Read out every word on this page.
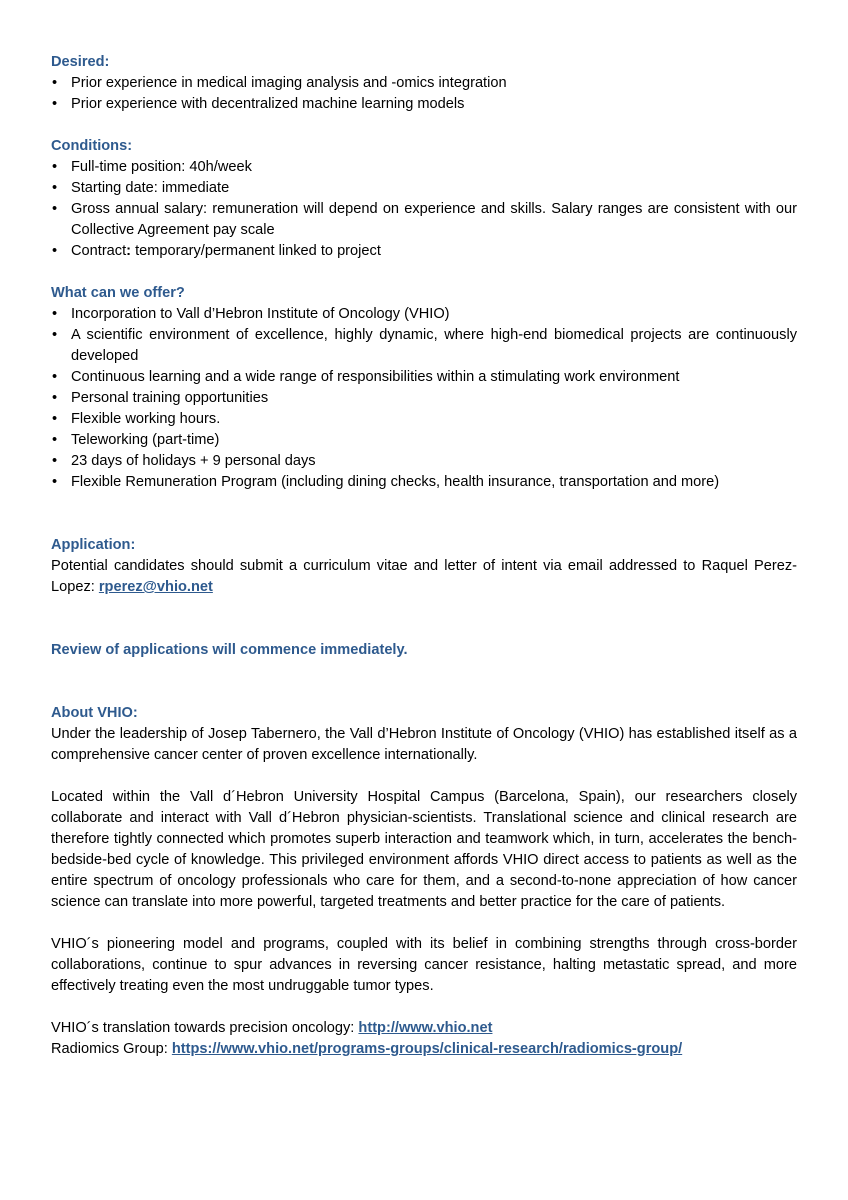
Desired:
• Prior experience in medical imaging analysis and -omics integration
• Prior experience with decentralized machine learning models
Conditions:
• Full-time position: 40h/week
• Starting date: immediate
• Gross annual salary: remuneration will depend on experience and skills. Salary ranges are consistent with our Collective Agreement pay scale
• Contract: temporary/permanent linked to project
What can we offer?
• Incorporation to Vall d’Hebron Institute of Oncology (VHIO)
• A scientific environment of excellence, highly dynamic, where high-end biomedical projects are continuously developed
• Continuous learning and a wide range of responsibilities within a stimulating work environment
• Personal training opportunities
• Flexible working hours.
• Teleworking (part-time)
• 23 days of holidays + 9 personal days
• Flexible Remuneration Program (including dining checks, health insurance, transportation and more)
Application:

Potential candidates should submit a curriculum vitae and letter of intent via email addressed to Raquel Perez-Lopez: rperez@vhio.net

Review of applications will commence immediately.
About VHIO:

Under the leadership of Josep Tabernero, the Vall d’Hebron Institute of Oncology (VHIO) has established itself as a comprehensive cancer center of proven excellence internationally.

Located within the Vall d´Hebron University Hospital Campus (Barcelona, Spain), our researchers closely collaborate and interact with Vall d´Hebron physician-scientists. Translational science and clinical research are therefore tightly connected which promotes superb interaction and teamwork which, in turn, accelerates the bench-bedside-bed cycle of knowledge. This privileged environment affords VHIO direct access to patients as well as the entire spectrum of oncology professionals who care for them, and a second-to-none appreciation of how cancer science can translate into more powerful, targeted treatments and better practice for the care of patients.

VHIO´s pioneering model and programs, coupled with its belief in combining strengths through cross-border collaborations, continue to spur advances in reversing cancer resistance, halting metastatic spread, and more effectively treating even the most undruggable tumor types.

VHIO´s translation towards precision oncology: http://www.vhio.net
Radiomics Group: https://www.vhio.net/programs-groups/clinical-research/radiomics-group/
